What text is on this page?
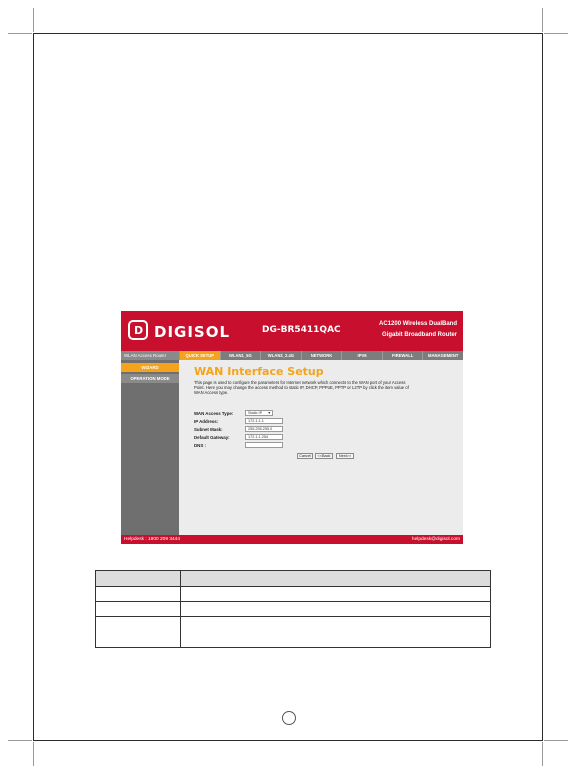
D DIGISOL	DG-BR5411QAC
AC1200 Wireless DualBand
Gigabit Broadband Router
WLAN Access Router	QUICK SETUP	WLAN1_5G	WLAN2_2.4G	NETWORK	IPV6	FIREWALL	MANAGEMENT
WIZARD
OPERATION MODE
WAN Interface Setup
This page is used to configure the parameters for Internet network which connects to the WAN port of your Access Point. Here you may change the access method to static IP, DHCP, PPPoE, PPTP or L2TP by click the item value of WAN Access type.
WAN Access Type:	Static IP ▼
IP Address:	172.1.1.1
Subnet Mask:	255.255.255.0
Default Gateway:	172.1.1.254
DNS :
Cancel	<<Back	Next>>
Helpdesk : 1800 209 3444	helpdesk@digisol.com
